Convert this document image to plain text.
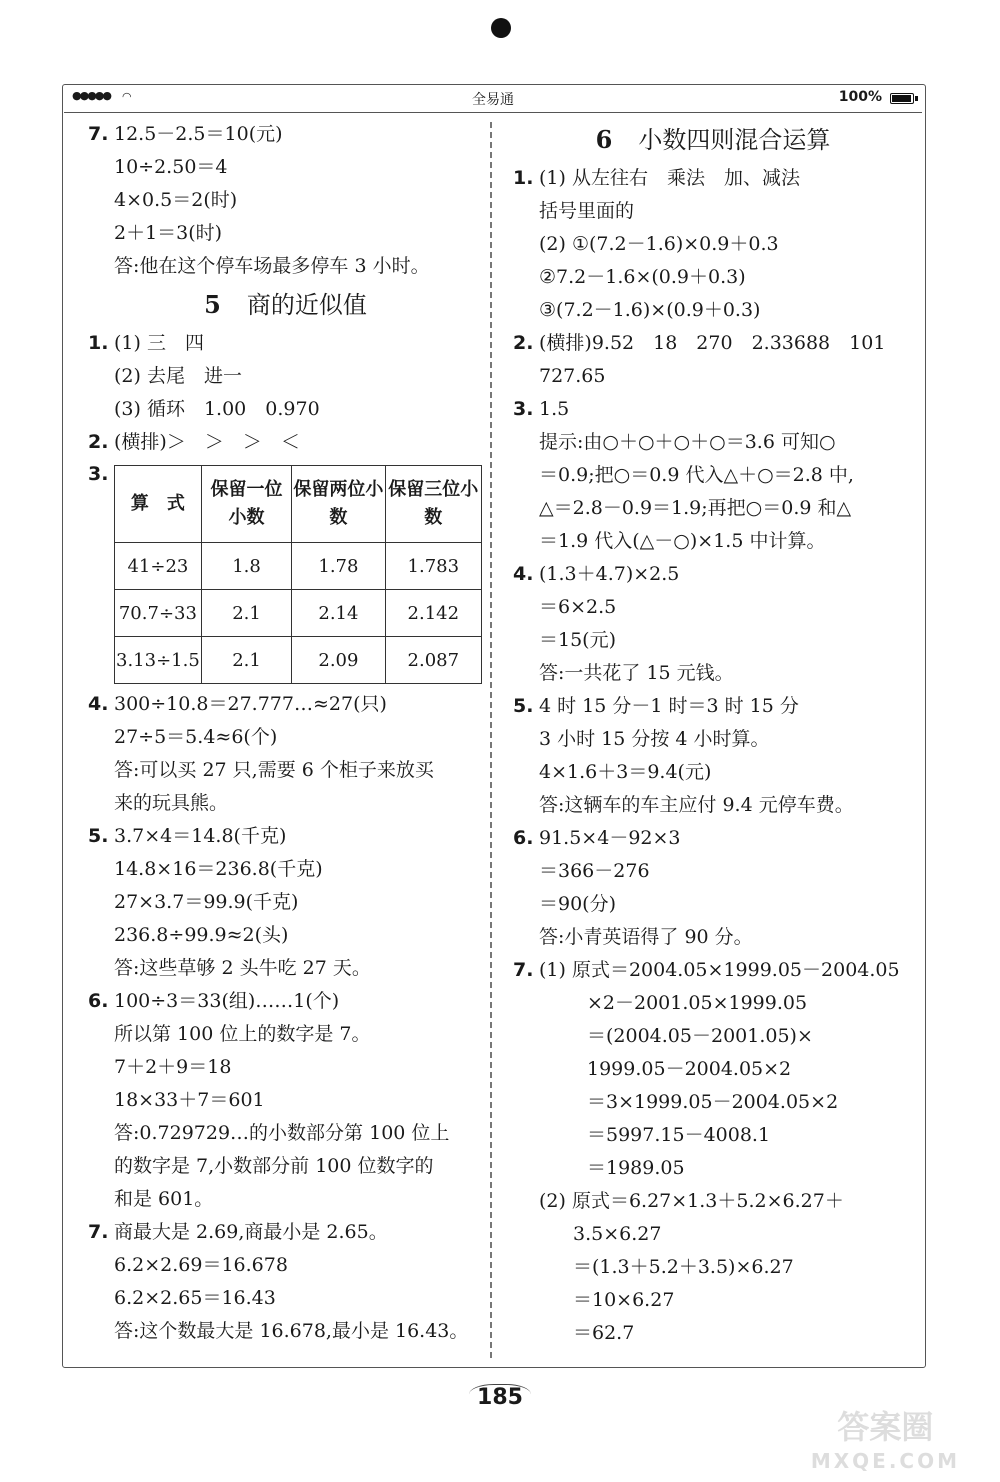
●●●●● ◠	全易通	100%
7. 12.5－2.5＝10(元)
10÷2.50＝4
4×0.5＝2(时)
2＋1＝3(时)
答:他在这个停车场最多停车 3 小时。
5 商的近似值
1. (1) 三　四
(2) 去尾　进一
(3) 循环　1.00　0.970
2. (横排)＞　＞　＞　＜
3.
算　式	保留一位小数	保留两位小数	保留三位小数
41÷23	1.8	1.78	1.783
70.7÷33	2.1	2.14	2.142
3.13÷1.5	2.1	2.09	2.087
4. 300÷10.8＝27.777…≈27(只)
27÷5＝5.4≈6(个)
答:可以买 27 只,需要 6 个柜子来放买
来的玩具熊。
5. 3.7×4＝14.8(千克)
14.8×16＝236.8(千克)
27×3.7＝99.9(千克)
236.8÷99.9≈2(头)
答:这些草够 2 头牛吃 27 天。
6. 100÷3＝33(组)……1(个)
所以第 100 位上的数字是 7。
7＋2＋9＝18
18×33＋7＝601
答:0.729729…的小数部分第 100 位上
的数字是 7,小数部分前 100 位数字的
和是 601。
7. 商最大是 2.69,商最小是 2.65。
6.2×2.69＝16.678
6.2×2.65＝16.43
答:这个数最大是 16.678,最小是 16.43。
6 小数四则混合运算
1. (1) 从左往右　乘法　加、减法
括号里面的
(2) ①(7.2－1.6)×0.9＋0.3
②7.2－1.6×(0.9＋0.3)
③(7.2－1.6)×(0.9＋0.3)
2. (横排)9.52　18　270　2.33688　101
727.65
3. 1.5
提示:由○＋○＋○＋○＝3.6 可知○
＝0.9;把○＝0.9 代入△＋○＝2.8 中,
△＝2.8－0.9＝1.9;再把○＝0.9 和△
＝1.9 代入(△－○)×1.5 中计算。
4. (1.3＋4.7)×2.5
＝6×2.5
＝15(元)
答:一共花了 15 元钱。
5. 4 时 15 分－1 时＝3 时 15 分
3 小时 15 分按 4 小时算。
4×1.6＋3＝9.4(元)
答:这辆车的车主应付 9.4 元停车费。
6. 91.5×4－92×3
＝366－276
＝90(分)
答:小青英语得了 90 分。
7. (1) 原式＝2004.05×1999.05－2004.05
×2－2001.05×1999.05
＝(2004.05－2001.05)×
1999.05－2004.05×2
＝3×1999.05－2004.05×2
＝5997.15－4008.1
＝1989.05
(2) 原式＝6.27×1.3＋5.2×6.27＋
3.5×6.27
＝(1.3＋5.2＋3.5)×6.27
＝10×6.27
＝62.7
185
答案圈
MXQE.COM
